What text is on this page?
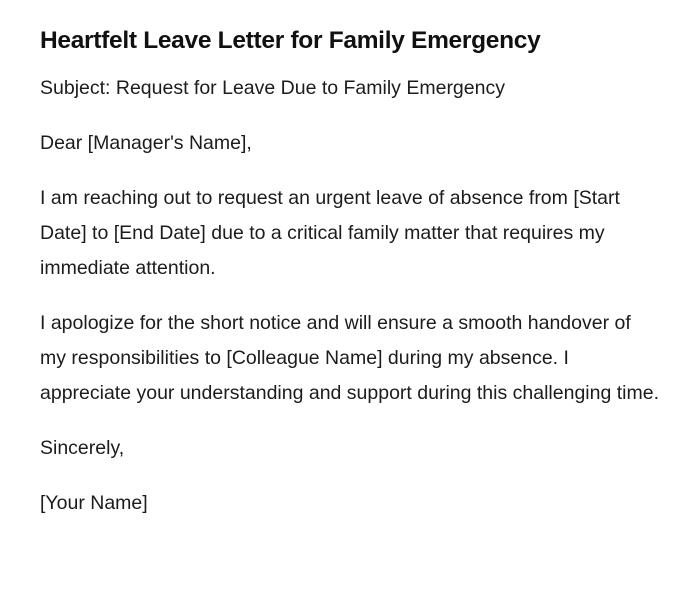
Heartfelt Leave Letter for Family Emergency

Subject: Request for Leave Due to Family Emergency

Dear [Manager's Name],

I am reaching out to request an urgent leave of absence from [Start Date] to [End Date] due to a critical family matter that requires my immediate attention.

I apologize for the short notice and will ensure a smooth handover of my responsibilities to [Colleague Name] during my absence. I appreciate your understanding and support during this challenging time.

Sincerely,

[Your Name]
